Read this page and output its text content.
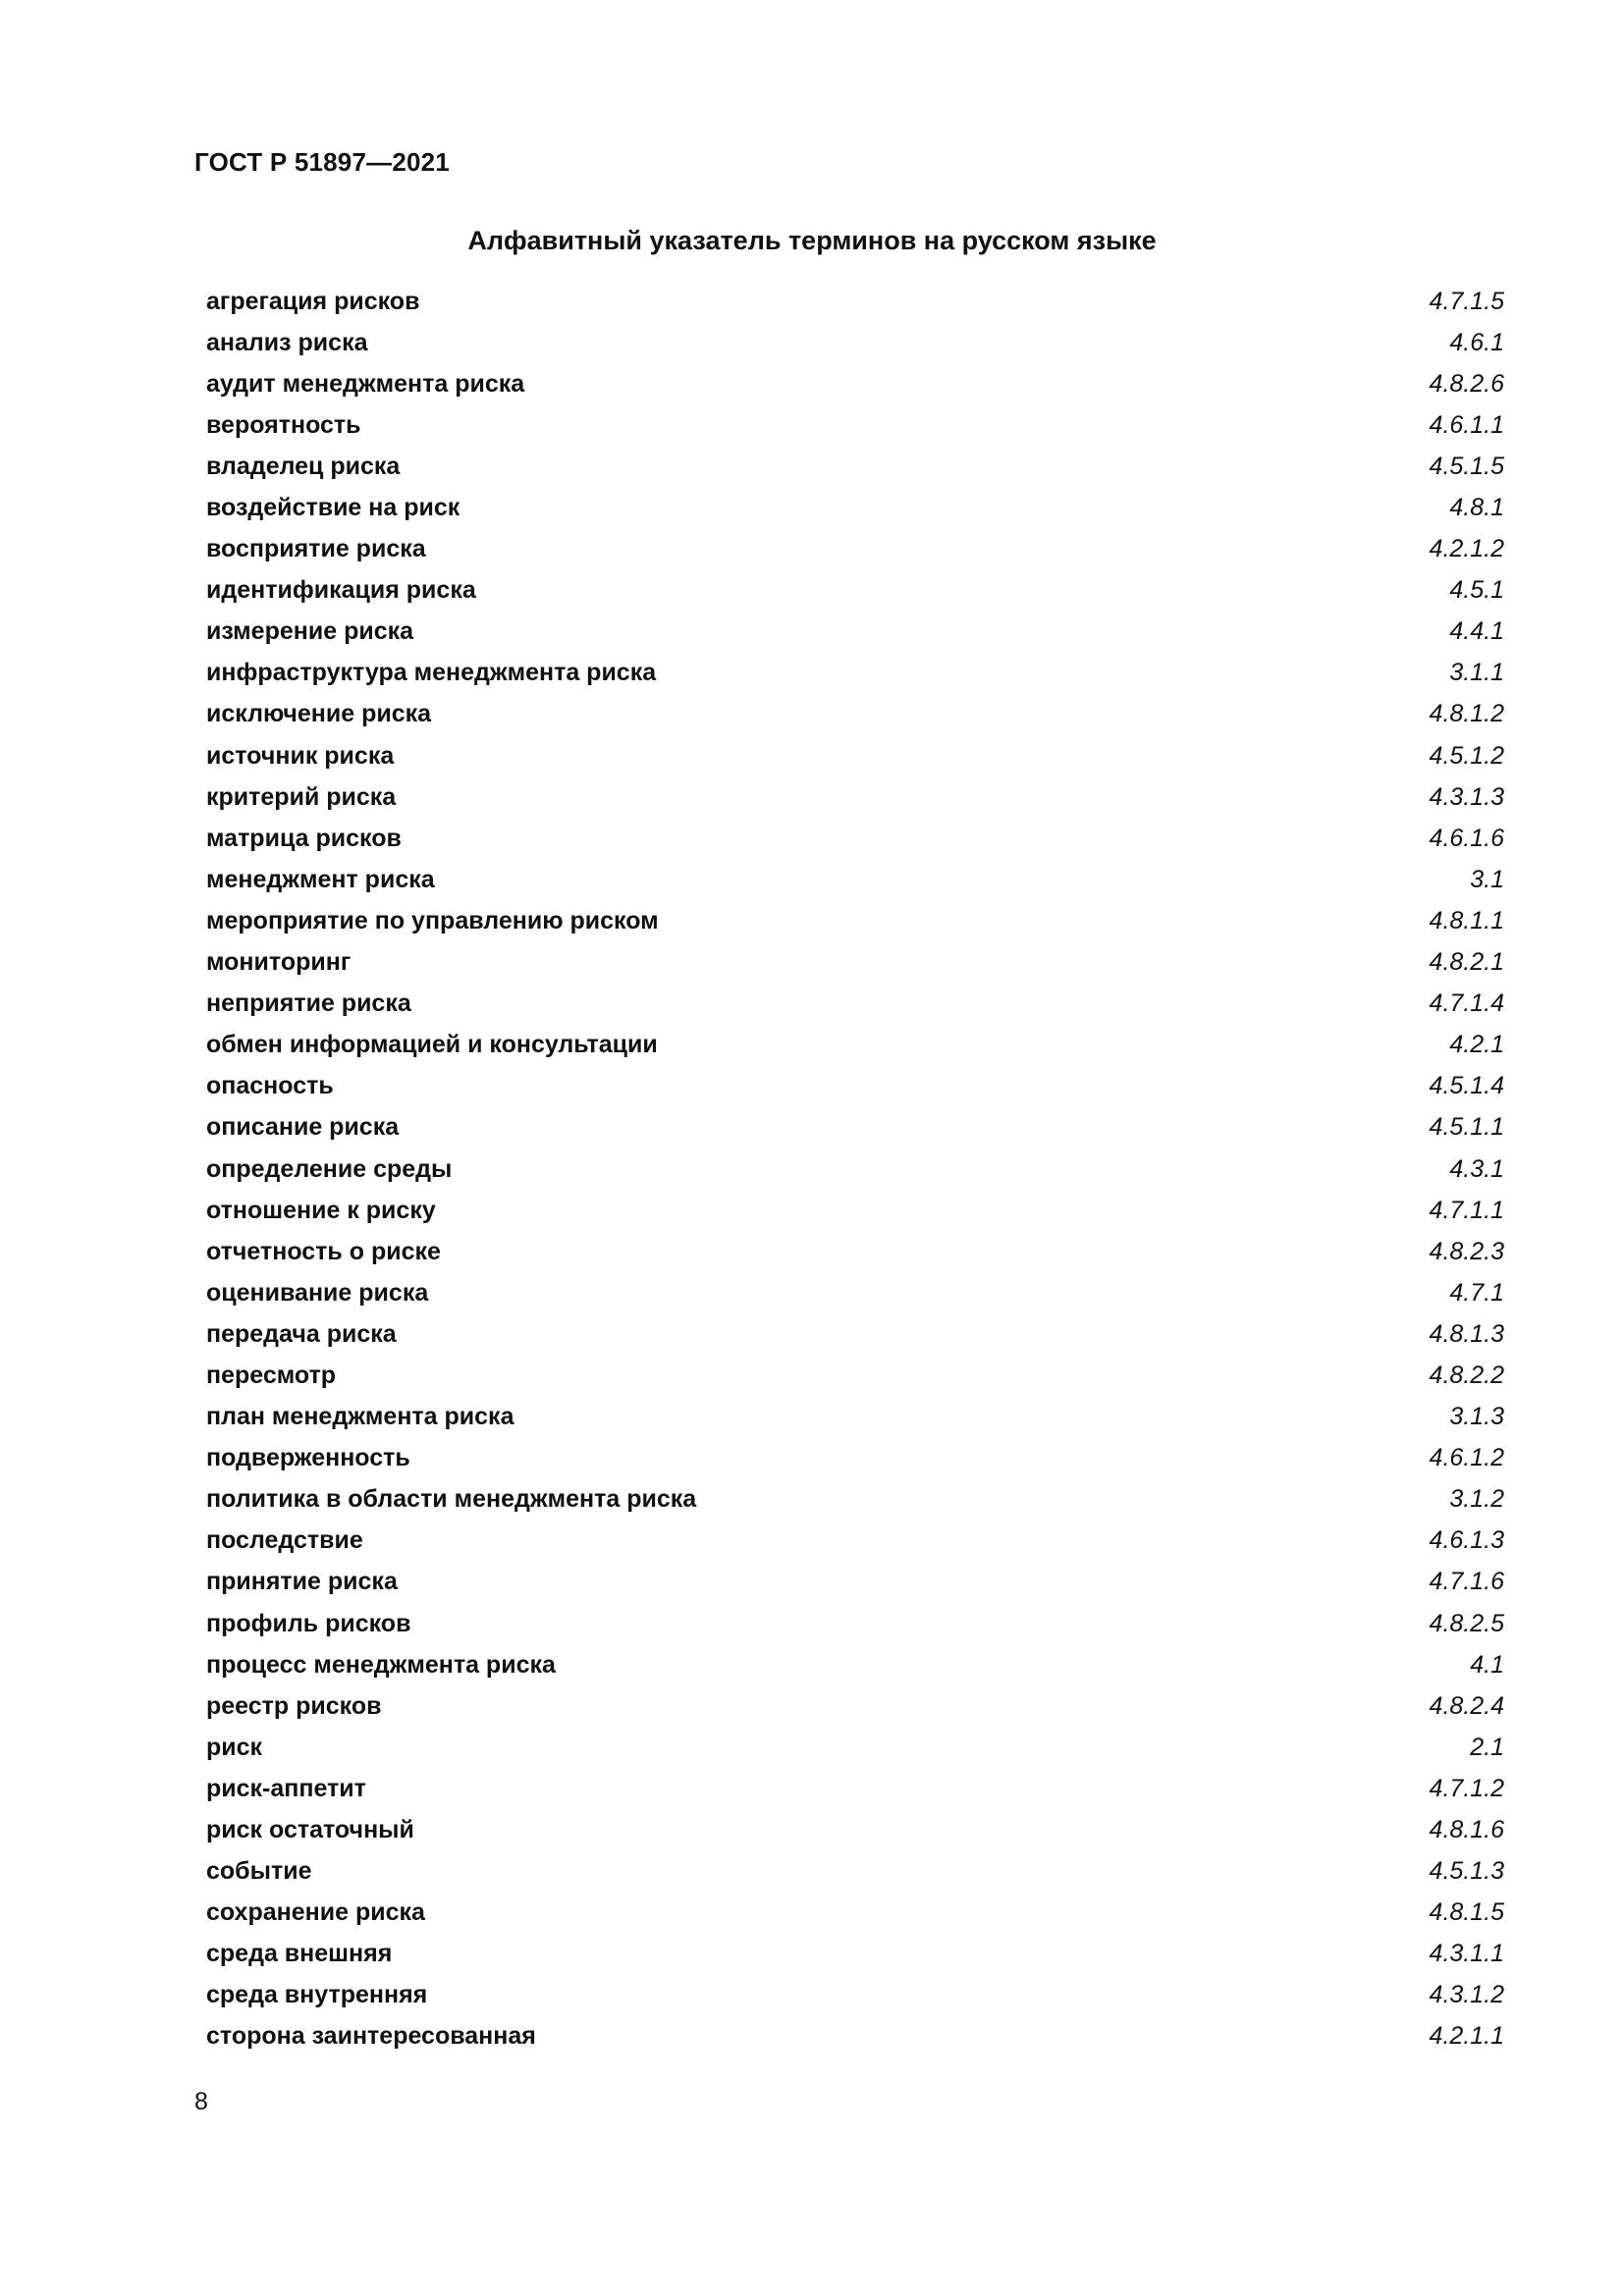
ГОСТ Р 51897—2021
Алфавитный указатель терминов на русском языке
агрегация рисков	4.7.1.5
анализ риска	4.6.1
аудит менеджмента риска	4.8.2.6
вероятность	4.6.1.1
владелец риска	4.5.1.5
воздействие на риск	4.8.1
восприятие риска	4.2.1.2
идентификация риска	4.5.1
измерение риска	4.4.1
инфраструктура менеджмента риска	3.1.1
исключение риска	4.8.1.2
источник риска	4.5.1.2
критерий риска	4.3.1.3
матрица рисков	4.6.1.6
менеджмент риска	3.1
мероприятие по управлению риском	4.8.1.1
мониторинг	4.8.2.1
неприятие риска	4.7.1.4
обмен информацией и консультации	4.2.1
опасность	4.5.1.4
описание риска	4.5.1.1
определение среды	4.3.1
отношение к риску	4.7.1.1
отчетность о риске	4.8.2.3
оценивание риска	4.7.1
передача риска	4.8.1.3
пересмотр	4.8.2.2
план менеджмента риска	3.1.3
подверженность	4.6.1.2
политика в области менеджмента риска	3.1.2
последствие	4.6.1.3
принятие риска	4.7.1.6
профиль рисков	4.8.2.5
процесс менеджмента риска	4.1
реестр рисков	4.8.2.4
риск	2.1
риск-аппетит	4.7.1.2
риск остаточный	4.8.1.6
событие	4.5.1.3
сохранение риска	4.8.1.5
среда внешняя	4.3.1.1
среда внутренняя	4.3.1.2
сторона заинтересованная	4.2.1.1
8
